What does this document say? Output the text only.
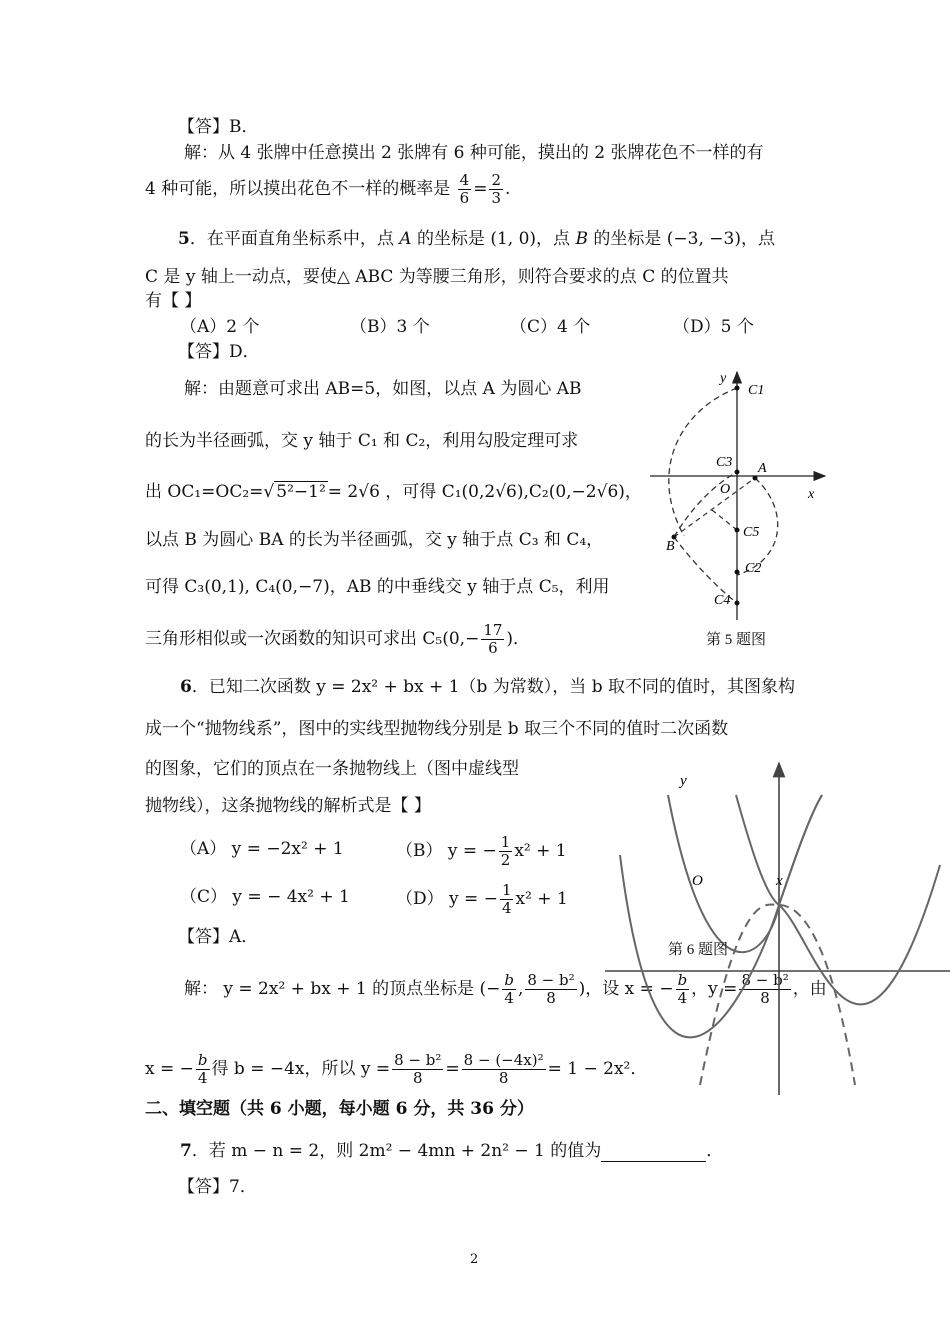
【答】B．
解：从 4 张牌中任意摸出 2 张牌有 6 种可能，摸出的 2 张牌花色不一样的有
4 种可能，所以摸出花色不一样的概率是 $\frac{4}{6} = \frac{2}{3}$ .
5．在平面直角坐标系中，点 A 的坐标是 (1, 0)，点 B 的坐标是 (−3, −3)，点
C 是 y 轴上一动点，要使△ ABC 为等腰三角形，则符合要求的点 C 的位置共
有【 】
（A）2 个	（B）3 个	（C）4 个	（D）5 个
【答】D．
解：由题意可求出 AB=5，如图，以点 A 为圆心 AB
的长为半径画弧，交 y 轴于 C₁ 和 C₂，利用勾股定理可求
出 OC₁=OC₂=√ 5²−1² = 2√6 ，可得 C₁(0,2√6),C₂(0,−2√6)，
以点 B 为圆心 BA 的长为半径画弧，交 y 轴于点 C₃ 和 C₄，
可得 C₃(0,1), C₄(0,−7)，AB 的中垂线交 y 轴于点 C₅，利用
三角形相似或一次函数的知识可求出 $C_5(0,- \frac{17}{6}$ )．
y
x
O
A
B
C1
C3
C5
C2
C4
第 5 题图
6．已知二次函数 y = 2x² + bx + 1（b 为常数），当 b 取不同的值时，其图象构
成一个“抛物线系”，图中的实线型抛物线分别是 b 取三个不同的值时二次函数
的图象，它们的顶点在一条抛物线上（图中虚线型
抛物线），这条抛物线的解析式是【 】
（A） y = −2x² + 1	（B） y = − $\frac{1}{2} x^2 + 1$
（C） y = − 4x² + 1	（D） y = − $\frac{1}{4} x^2 + 1$
【答】A．
解： y = 2x² + bx + 1 的顶点坐标是 (− $\frac{b}{4}$ , $\frac{\text{8 − b²}}{8}$ )，设 x = − $\frac{b}{4}$ ，$y = \frac{\text{8 − b²}}{8}$ ，由
x = − $\frac{b}{4}$ 得 b = −4x，所以 $y = \frac{\text{8 − b²}}{8} = \frac{\text{8 − (−4x)²}}{8} = 1 - 2x^2$．
y
O	x
第 6 题图
二、填空题（共 6 小题，每小题 6 分，共 36 分）
7．若 m − n = 2，则 2m² − 4mn + 2n² − 1 的值为	．
【答】7．
2
